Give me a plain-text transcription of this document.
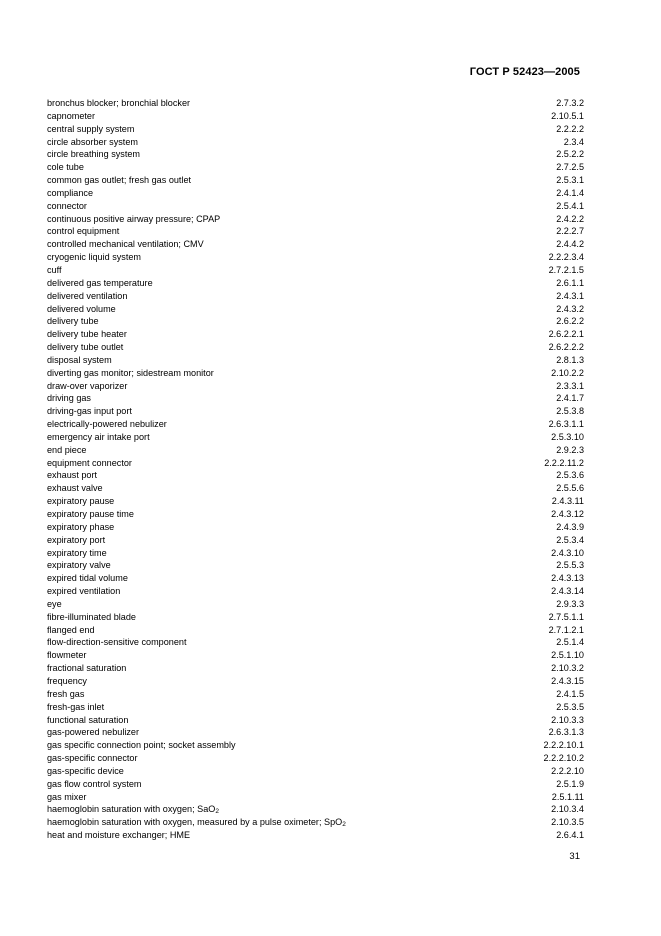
ГОСТ Р 52423—2005
bronchus blocker; bronchial blocker	2.7.3.2
capnometer	2.10.5.1
central supply system	2.2.2.2
circle absorber system	2.3.4
circle breathing system	2.5.2.2
cole tube	2.7.2.5
common gas outlet; fresh gas outlet	2.5.3.1
compliance	2.4.1.4
connector	2.5.4.1
continuous positive airway pressure; CPAP	2.4.2.2
control equipment	2.2.2.7
controlled mechanical ventilation; CMV	2.4.4.2
cryogenic liquid system	2.2.2.3.4
cuff	2.7.2.1.5
delivered gas temperature	2.6.1.1
delivered ventilation	2.4.3.1
delivered volume	2.4.3.2
delivery tube	2.6.2.2
delivery tube heater	2.6.2.2.1
delivery tube outlet	2.6.2.2.2
disposal system	2.8.1.3
diverting gas monitor; sidestream monitor	2.10.2.2
draw-over vaporizer	2.3.3.1
driving gas	2.4.1.7
driving-gas input port	2.5.3.8
electrically-powered nebulizer	2.6.3.1.1
emergency air intake port	2.5.3.10
end piece	2.9.2.3
equipment connector	2.2.2.11.2
exhaust port	2.5.3.6
exhaust valve	2.5.5.6
expiratory pause	2.4.3.11
expiratory pause time	2.4.3.12
expiratory phase	2.4.3.9
expiratory port	2.5.3.4
expiratory time	2.4.3.10
expiratory valve	2.5.5.3
expired tidal volume	2.4.3.13
expired ventilation	2.4.3.14
eye	2.9.3.3
fibre-illuminated blade	2.7.5.1.1
flanged end	2.7.1.2.1
flow-direction-sensitive component	2.5.1.4
flowmeter	2.5.1.10
fractional saturation	2.10.3.2
frequency	2.4.3.15
fresh gas	2.4.1.5
fresh-gas inlet	2.5.3.5
functional saturation	2.10.3.3
gas-powered nebulizer	2.6.3.1.3
gas specific connection point; socket assembly	2.2.2.10.1
gas-specific connector	2.2.2.10.2
gas-specific device	2.2.2.10
gas flow control system	2.5.1.9
gas mixer	2.5.1.11
haemoglobin saturation with oxygen; SaO$_2$	2.10.3.4
haemoglobin saturation with oxygen, measured by a pulse oximeter; SpO$_2$	2.10.3.5
heat and moisture exchanger; HME	2.6.4.1
31
